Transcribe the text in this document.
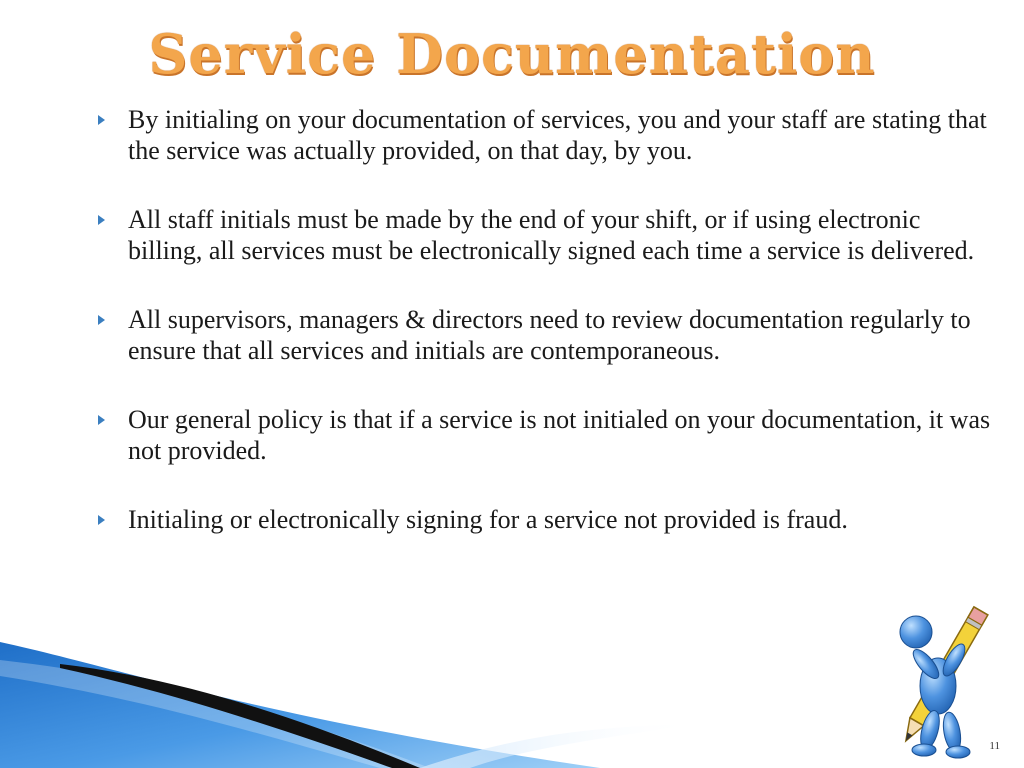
Service Documentation
By initialing on your documentation of services, you and your staff are stating that the service was actually provided, on that day, by you.
All staff initials must be made by the end of your shift, or if using electronic billing, all services must be electronically signed each time a service is delivered.
All supervisors, managers & directors need to review documentation regularly to ensure that all services and initials are contemporaneous.
Our general policy is that if a service is not initialed on your documentation, it was not provided.
Initialing or electronically signing for a service not provided is fraud.
11
